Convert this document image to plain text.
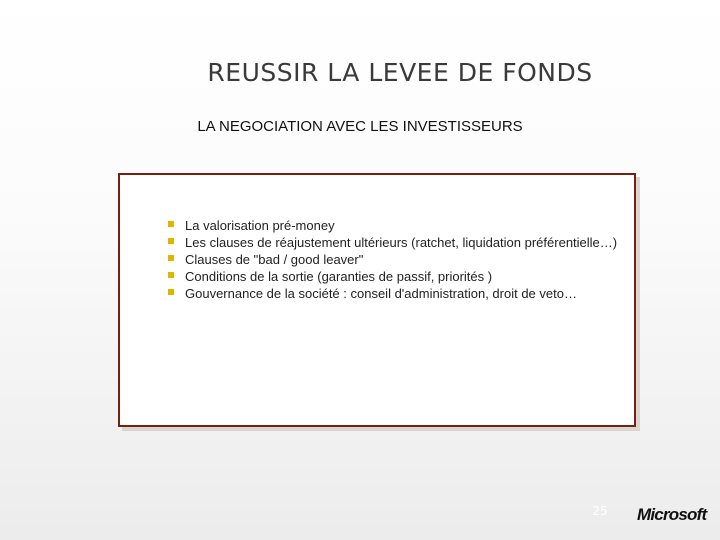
REUSSIR LA LEVEE DE FONDS
LA NEGOCIATION AVEC LES INVESTISSEURS
La valorisation pré-money
Les clauses de réajustement ultérieurs (ratchet, liquidation préférentielle…)
Clauses de "bad / good leaver"
Conditions de la sortie (garanties de passif, priorités )
Gouvernance de la société : conseil d'administration, droit de veto…
25	Microsoft
